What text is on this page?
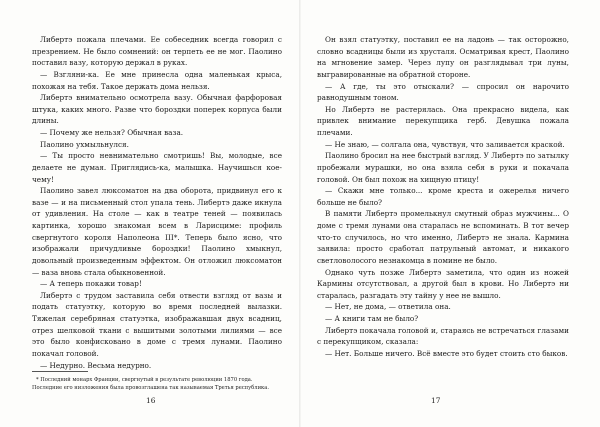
Либертэ пожала плечами. Ее собеседник всегда говорил с презрением. Не было сомнений: он терпеть ее не мог. Паолино поставил вазу, которую держал в руках.

— Взгляни-ка. Ее мне принесла одна маленькая крыса, похожая на тебя. Такое держать дома нельзя.

Либертэ внимательно осмотрела вазу. Обычная фарфоровая штука, каких много. Разве что бороздки поперек корпуса были длины.

— Почему же нельзя? Обычная ваза.

Паолино ухмыльнулся.

— Ты просто невнимательно смотришь! Вы, молодые, все делаете не думая. Приглядись-ка, малышка. Научишься кое-чему!

Паолино завел люксоматон на два оборота, придвинул его к вазе — и на письменный стол упала тень. Либертэ даже икнула от удивления. На столе — как в театре теней — появилась картинка, хорошо знакомая всем в Ларисциме: профиль свергнутого короля Наполеона III*. Теперь было ясно, что изображали причудливые бороздки! Паолино хмыкнул, довольный произведенным эффектом. Он отложил люксоматон — ваза вновь стала обыкновенной.

— А теперь покажи товар!

Либертэ с трудом заставила себя отвести взгляд от вазы и подать статуэтку, которую во время последней вылазки. Тяжелая серебряная статуэтка, изображавшая двух всадниц, отрез шелковой ткани с вышитыми золотыми лилиями — все это было конфисковано в доме с тремя лунами. Паолино покачал головой.

— Недурно. Весьма недурно.

* Последний монарх Франции, свергнутый в результате революции 1870 года.
Последние его низложения была провозглашена так называемая Третья республика.
16

Он взял статуэтку, поставил ее на ладонь — так осторожно, словно всадницы были из хрусталя. Осматривая крест, Паолино на мгновение замер. Через лупу он разглядывал три луны, выгравированные на обратной стороне.

— А где, ты это отыскали? — спросил он нарочито равнодушным тоном.

Но Либертэ не растерялась. Она прекрасно видела, как привлек внимание перекупщика герб. Девушка пожала плечами.

— Не знаю, — солгала она, чувствуя, что заливается краской.

Паолино бросил на нее быстрый взгляд. У Либертэ по затылку пробежали мурашки, но она взяла себя в руки и покачала головой. Он был похож на хищную птицу!

— Скажи мне только... кроме креста и ожерелья ничего больше не было?

В памяти Либертэ промелькнул смутный образ мужчины... О доме с тремя лунами она старалась не вспоминать. В тот вечер что-то случилось, но что именно, Либертэ не знала. Кармина заявила: просто сработал патрульный автомат, и никакого светловолосого незнакомца в помине не было.

Однако чуть позже Либертэ заметила, что один из ножей Кармины отсутствовал, а другой был в крови. Но Либертэ ни старалась, разгадать эту тайну у нее не вышло.

— Нет, не дома, — ответила она.

— А книги там не было?

Либертэ покачала головой и, стараясь не встречаться глазами с перекупщиком, сказала:

— Нет. Больше ничего. Всё вместе это будет стоить сто быков.

17
